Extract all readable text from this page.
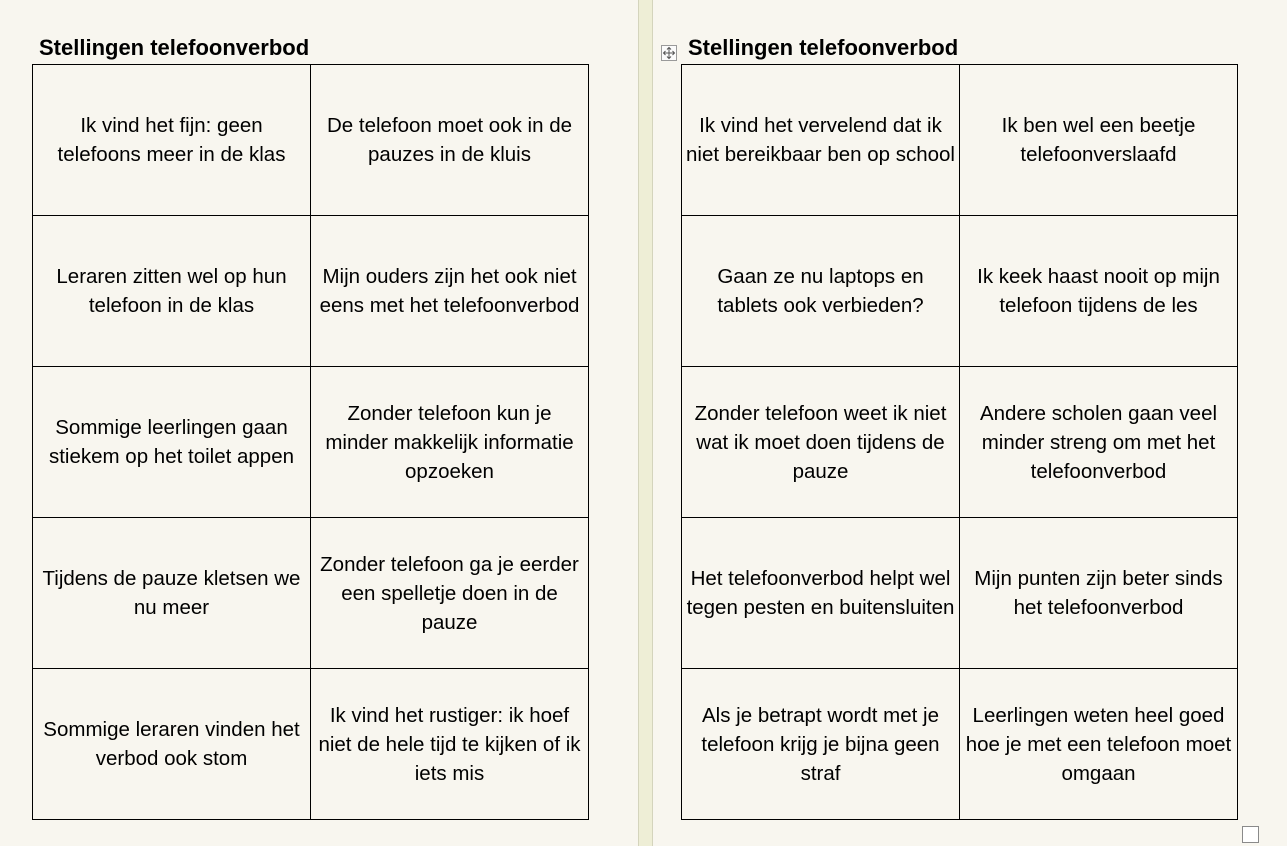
Stellingen telefoonverbod
Ik vind het fijn: geen telefoons meer in de klas	De telefoon moet ook in de pauzes in de kluis
Leraren zitten wel op hun telefoon in de klas	Mijn ouders zijn het ook niet eens met het telefoonverbod
Sommige leerlingen gaan stiekem op het toilet appen	Zonder telefoon kun je minder makkelijk informatie opzoeken
Tijdens de pauze kletsen we nu meer	Zonder telefoon ga je eerder een spelletje doen in de pauze
Sommige leraren vinden het verbod ook stom	Ik vind het rustiger: ik hoef niet de hele tijd te kijken of ik iets mis
Stellingen telefoonverbod
Ik vind het vervelend dat ik niet bereikbaar ben op school	Ik ben wel een beetje telefoonverslaafd
Gaan ze nu laptops en tablets ook verbieden?	Ik keek haast nooit op mijn telefoon tijdens de les
Zonder telefoon weet ik niet wat ik moet doen tijdens de pauze	Andere scholen gaan veel minder streng om met het telefoonverbod
Het telefoonverbod helpt wel tegen pesten en buitensluiten	Mijn punten zijn beter sinds het telefoonverbod
Als je betrapt wordt met je telefoon krijg je bijna geen straf	Leerlingen weten heel goed hoe je met een telefoon moet omgaan
